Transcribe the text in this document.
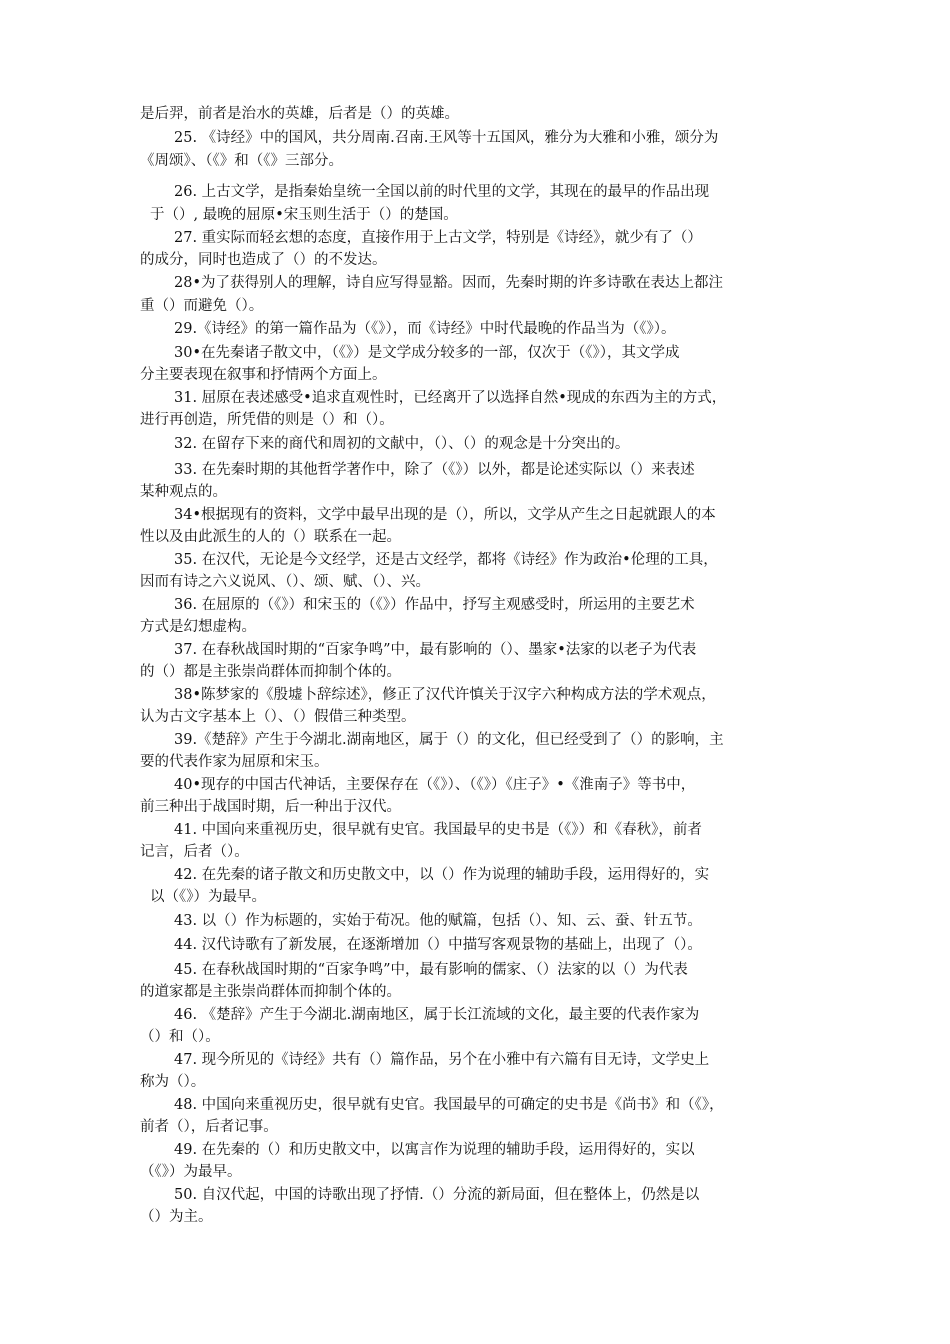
是后羿，前者是治水的英雄，后者是（）的英雄。
25. 《诗经》中的国风，共分周南.召南.王风等十五国风，雅分为大雅和小雅，颂分为
《周颂》、（《》和（《》三部分。
26. 上古文学，是指秦始皇统一全国以前的时代里的文学，其现在的最早的作品出现
于（）, 最晚的屈原•宋玉则生活于（）的楚国。
27. 重实际而轻玄想的态度，直接作用于上古文学，特别是《诗经》，就少有了（）
的成分，同时也造成了（）的不发达。
28•为了获得别人的理解，诗自应写得显豁。因而，先秦时期的许多诗歌在表达上都注
重（）而避免（）。
29.《诗经》的第一篇作品为（《》），而《诗经》中时代最晚的作品当为（《》）。
30•在先秦诸子散文中，（《》）是文学成分较多的一部，仅次于（《》），其文学成
分主要表现在叙事和抒情两个方面上。
31. 屈原在表述感受•追求直观性时，已经离开了以选择自然•现成的东西为主的方式，
进行再创造，所凭借的则是（）和（）。
32. 在留存下来的商代和周初的文献中，（）、（）的观念是十分突出的。
33. 在先秦时期的其他哲学著作中，除了（《》）以外，都是论述实际以（）来表述
某种观点的。
34•根据现有的资料，文学中最早出现的是（），所以，文学从产生之日起就跟人的本
性以及由此派生的人的（）联系在一起。
35. 在汉代，无论是今文经学，还是古文经学，都将《诗经》作为政治•伦理的工具，
因而有诗之六义说风、（）、颂、赋、（）、兴。
36. 在屈原的（《》）和宋玉的（《》）作品中，抒写主观感受时，所运用的主要艺术
方式是幻想虚构。
37. 在春秋战国时期的“百家争鸣”中，最有影响的（）、墨家•法家的以老子为代表
的（）都是主张崇尚群体而抑制个体的。
38•陈梦家的《殷墟卜辞综述》，修正了汉代许慎关于汉字六种构成方法的学术观点，
认为古文字基本上（）、（）假借三种类型。
39.《楚辞》产生于今湖北.湖南地区，属于（）的文化，但已经受到了（）的影响，主
要的代表作家为屈原和宋玉。
40•现存的中国古代神话，主要保存在（《》）、（《》）《庄子》•《淮南子》等书中，
前三种出于战国时期，后一种出于汉代。
41. 中国向来重视历史，很早就有史官。我国最早的史书是（《》）和《春秋》，前者
记言，后者（）。
42. 在先秦的诸子散文和历史散文中，以（）作为说理的辅助手段，运用得好的，实
以（《》）为最早。
43. 以（）作为标题的，实始于荀况。他的赋篇，包括（）、知、云、蚕、针五节。
44. 汉代诗歌有了新发展，在逐渐增加（）中描写客观景物的基础上，出现了（）。
45. 在春秋战国时期的“百家争鸣”中，最有影响的儒家、（）法家的以（）为代表
的道家都是主张崇尚群体而抑制个体的。
46. 《楚辞》产生于今湖北.湖南地区，属于长江流域的文化，最主要的代表作家为
（）和（）。
47. 现今所见的《诗经》共有（）篇作品，另个在小雅中有六篇有目无诗，文学史上
称为（）。
48. 中国向来重视历史，很早就有史官。我国最早的可确定的史书是《尚书》和（《》，
前者（），后者记事。
49. 在先秦的（）和历史散文中，以寓言作为说理的辅助手段，运用得好的，实以
（《》）为最早。
50. 自汉代起，中国的诗歌出现了抒情.（）分流的新局面，但在整体上，仍然是以
（）为主。
